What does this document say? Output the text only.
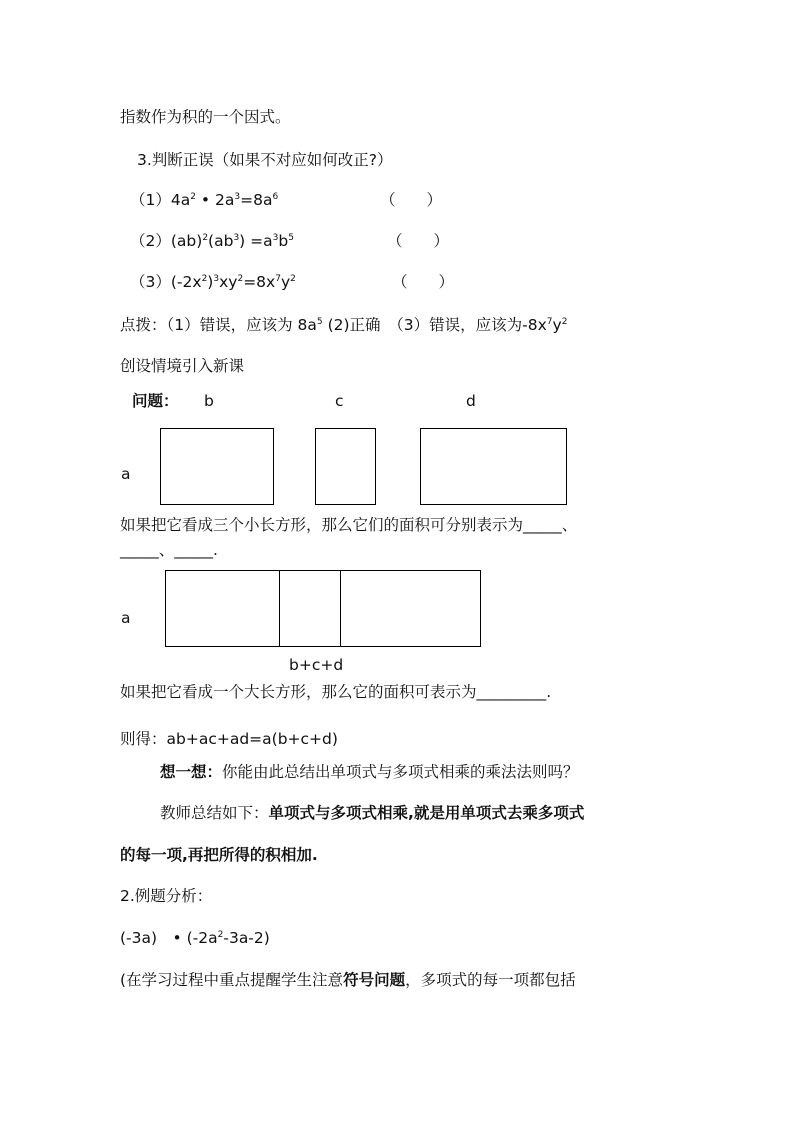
指数作为积的一个因式。
3.判断正误（如果不对应如何改正?）
$(1)4a^2$ • $2a^3=8a^6$	（　　）
$(2)(ab)^2(ab^3) =a^3b^5$	（　　）
$(3)(-2x^2)^3xy^2=8x^7y^2$	（　　）
点拨：（1）错误，应该为 $8a^5$ (2)正确　（3）错误，应该为$-8x^7y^2$
创设情境引入新课
问题： b	c	d
a
如果把它看成三个小长方形，那么它们的面积可分别表示为_____、
_____、_____.
a
b+c+d
如果把它看成一个大长方形，那么它的面积可表示为_________.
则得：ab+ac+ad=a(b+c+d)
想一想：你能由此总结出单项式与多项式相乘的乘法法则吗？
教师总结如下：单项式与多项式相乘,就是用单项式去乘多项式
的每一项,再把所得的积相加.
2.例题分析：
(-3a)　• $(-2a^2-3a-2)$
(在学习过程中重点提醒学生注意符号问题，多项式的每一项都包括
